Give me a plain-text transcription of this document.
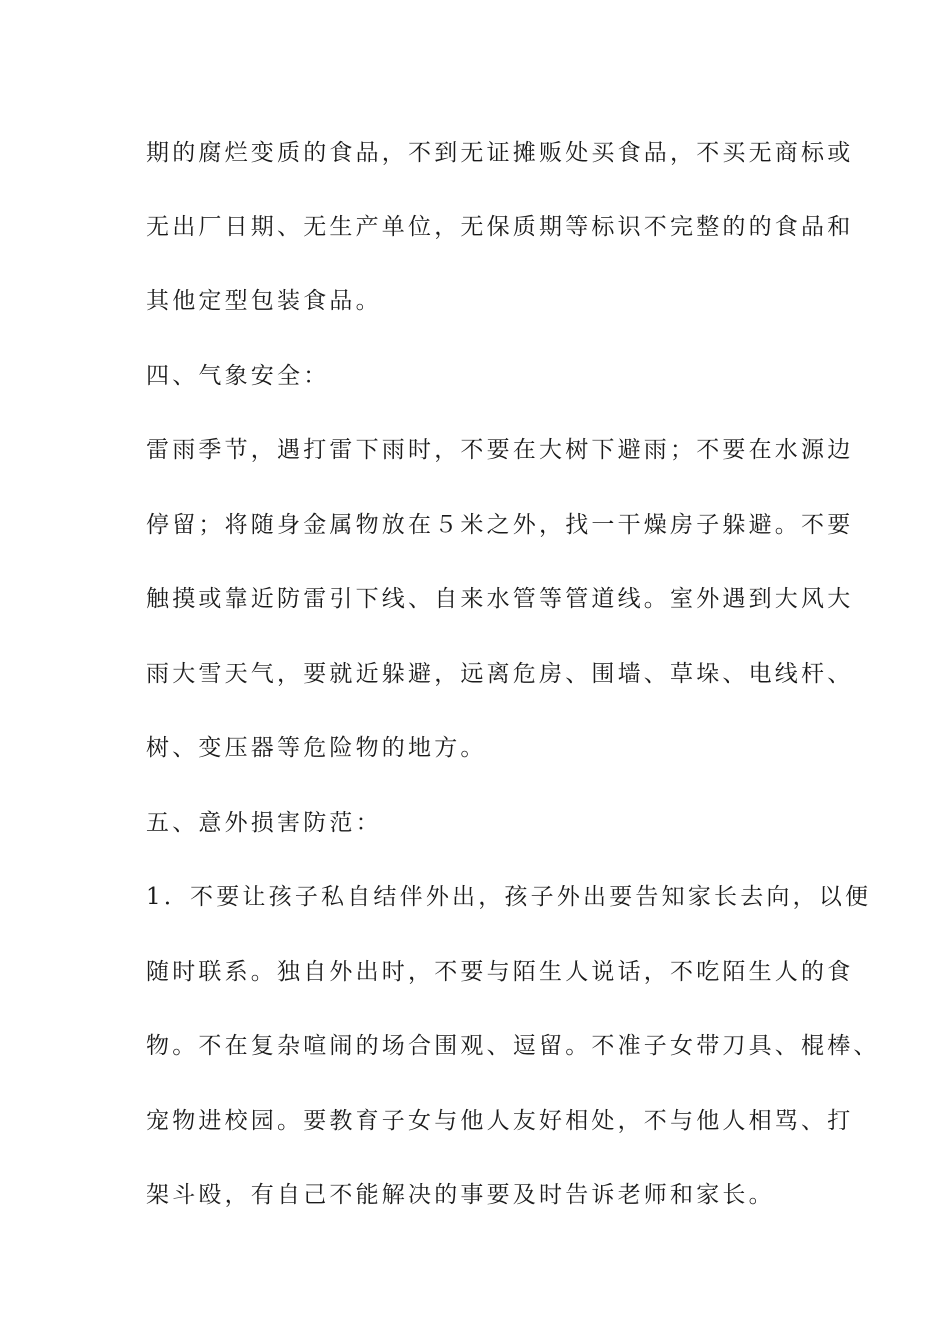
期的腐烂变质的食品，不到无证摊贩处买食品，不买无商标或
无出厂日期、无生产单位，无保质期等标识不完整的的食品和
其他定型包装食品。
四、气象安全：
雷雨季节，遇打雷下雨时，不要在大树下避雨；不要在水源边
停留；将随身金属物放在５米之外，找一干燥房子躲避。不要
触摸或靠近防雷引下线、自来水管等管道线。室外遇到大风大
雨大雪天气，要就近躲避，远离危房、围墙、草垛、电线杆、
树、变压器等危险物的地方。
五、意外损害防范：
1．不要让孩子私自结伴外出，孩子外出要告知家长去向，以便
随时联系。独自外出时，不要与陌生人说话，不吃陌生人的食
物。不在复杂喧闹的场合围观、逗留。不准子女带刀具、棍棒、
宠物进校园。要教育子女与他人友好相处，不与他人相骂、打
架斗殴，有自己不能解决的事要及时告诉老师和家长。
